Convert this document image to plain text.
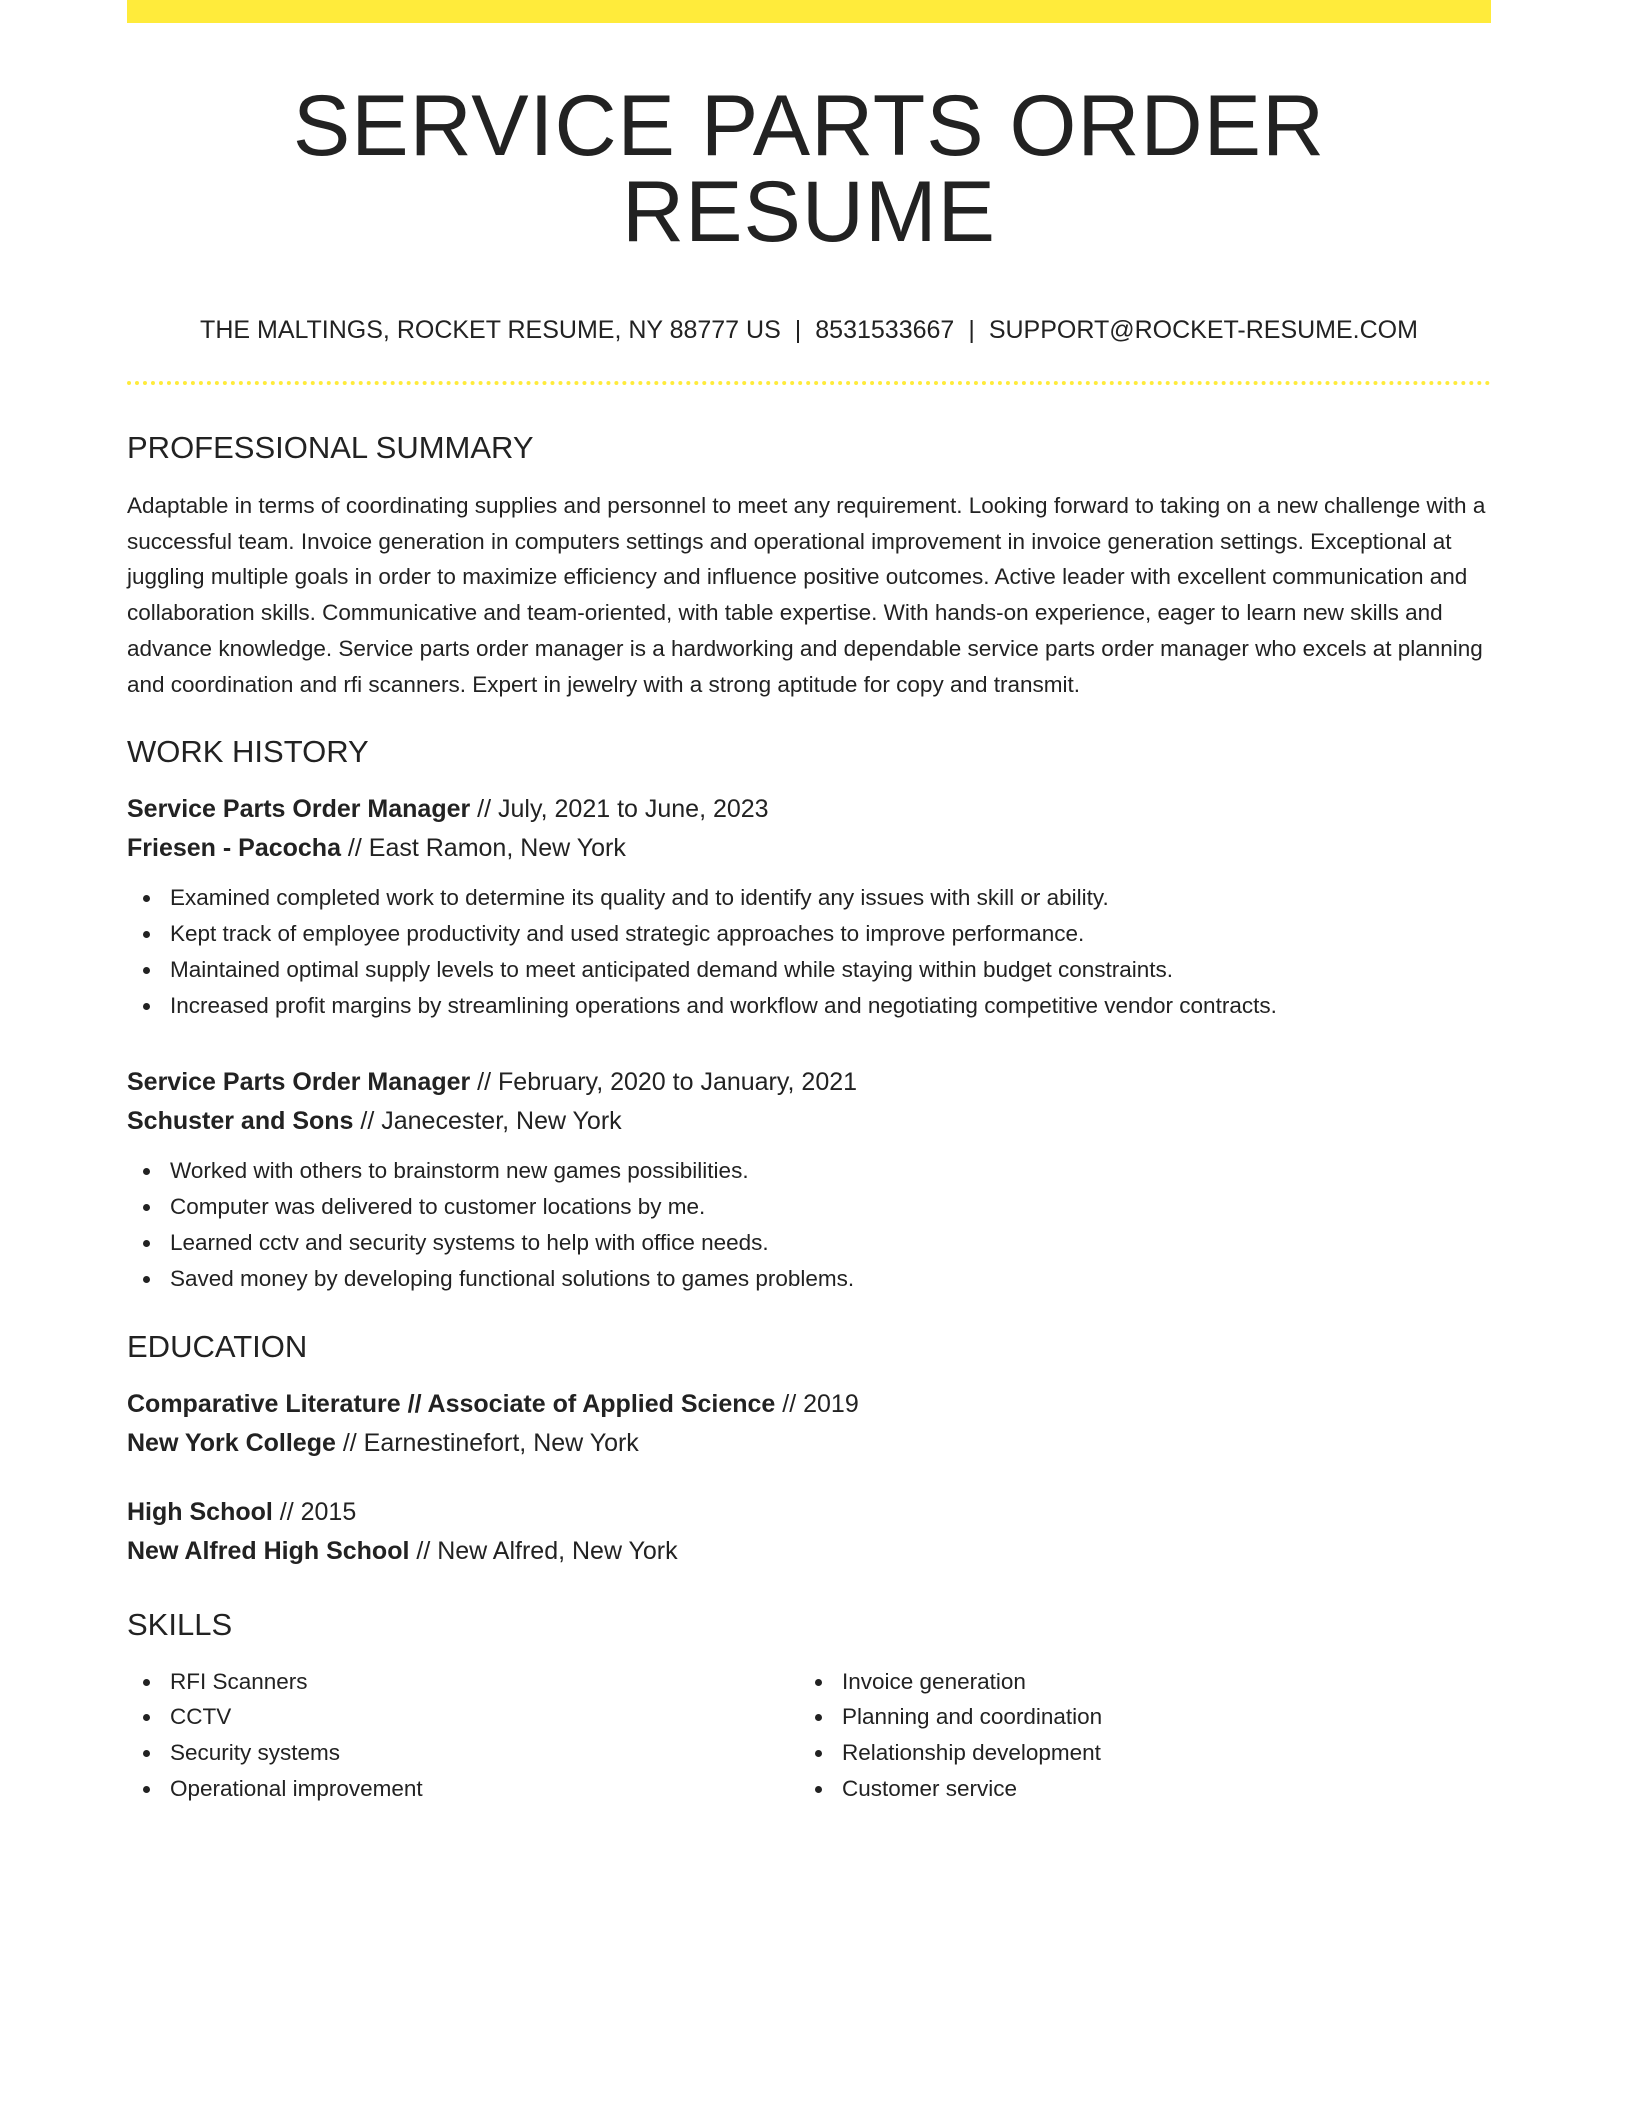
SERVICE PARTS ORDER RESUME
THE MALTINGS, ROCKET RESUME, NY 88777 US | 8531533667 | SUPPORT@ROCKET-RESUME.COM
PROFESSIONAL SUMMARY

Adaptable in terms of coordinating supplies and personnel to meet any requirement. Looking forward to taking on a new challenge with a successful team. Invoice generation in computers settings and operational improvement in invoice generation settings. Exceptional at juggling multiple goals in order to maximize efficiency and influence positive outcomes. Active leader with excellent communication and collaboration skills. Communicative and team-oriented, with table expertise. With hands-on experience, eager to learn new skills and advance knowledge. Service parts order manager is a hardworking and dependable service parts order manager who excels at planning and coordination and rfi scanners. Expert in jewelry with a strong aptitude for copy and transmit.

WORK HISTORY
Service Parts Order Manager // July, 2021 to June, 2023
Friesen - Pacocha // East Ramon, New York
Examined completed work to determine its quality and to identify any issues with skill or ability.
Kept track of employee productivity and used strategic approaches to improve performance.
Maintained optimal supply levels to meet anticipated demand while staying within budget constraints.
Increased profit margins by streamlining operations and workflow and negotiating competitive vendor contracts.
Service Parts Order Manager // February, 2020 to January, 2021
Schuster and Sons // Janecester, New York
Worked with others to brainstorm new games possibilities.
Computer was delivered to customer locations by me.
Learned cctv and security systems to help with office needs.
Saved money by developing functional solutions to games problems.
EDUCATION
Comparative Literature // Associate of Applied Science // 2019
New York College // Earnestinefort, New York
High School // 2015
New Alfred High School // New Alfred, New York
SKILLS
RFI Scanners
CCTV
Security systems
Operational improvement
Invoice generation
Planning and coordination
Relationship development
Customer service
